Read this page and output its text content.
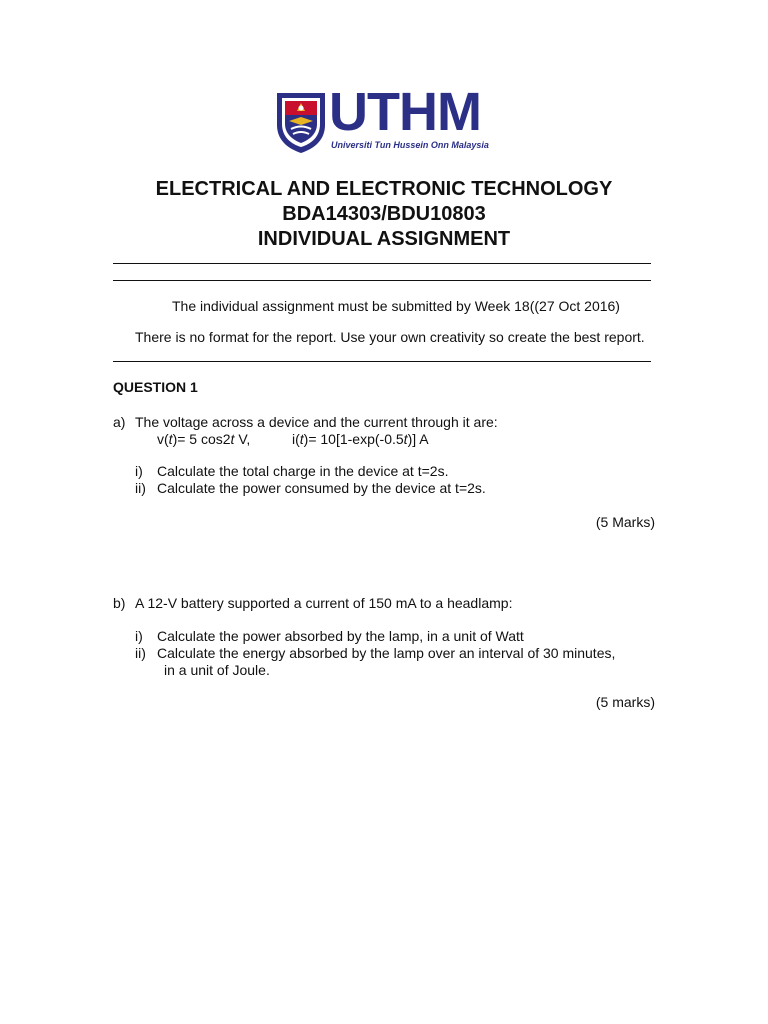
UTHM
Universiti Tun Hussein Onn Malaysia
ELECTRICAL AND ELECTRONIC TECHNOLOGY
BDA14303/BDU10803
INDIVIDUAL ASSIGNMENT
The individual assignment must be submitted by Week 18((27 Oct 2016)
There is no format for the report. Use your own creativity so create the best report.
QUESTION 1
a) The voltage across a device and the current through it are:
v(t)= 5 cos2t V,	i(t)= 10[1-exp(-0.5t)] A
i) Calculate the total charge in the device at t=2s.
ii) Calculate the power consumed by the device at t=2s.
(5 Marks)
b) A 12-V battery supported a current of 150 mA to a headlamp:
i) Calculate the power absorbed by the lamp, in a unit of Watt
ii) Calculate the energy absorbed by the lamp over an interval of 30 minutes,
in a unit of Joule.
(5 marks)
